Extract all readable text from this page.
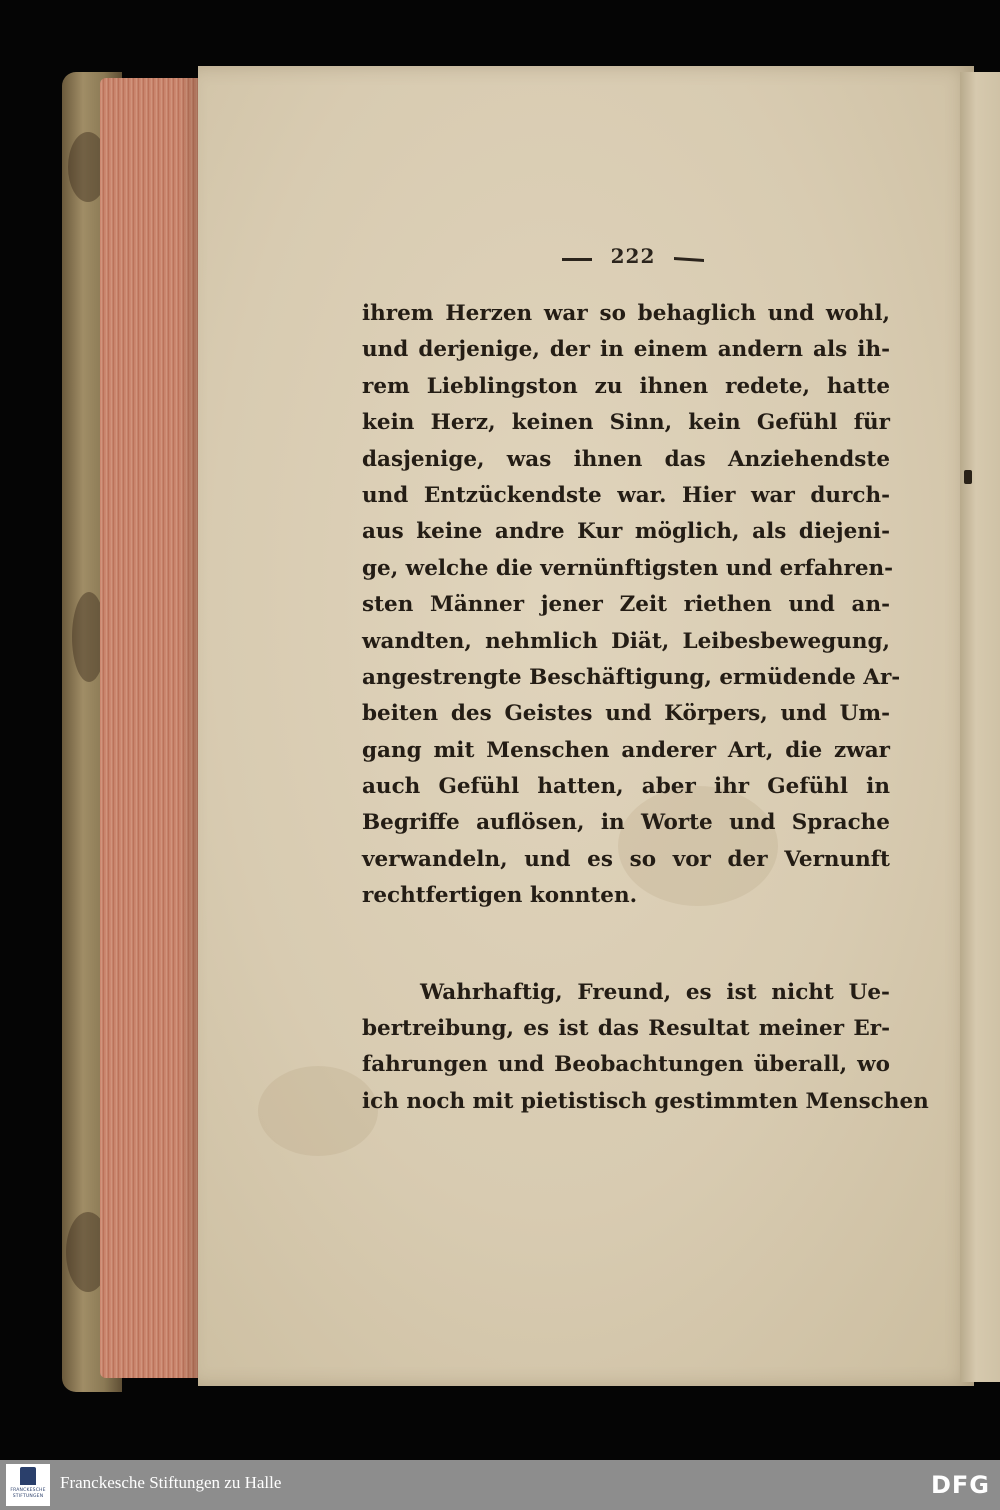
222
ihrem Herzen war so behaglich und wohl,
und derjenige, der in einem andern als ih-
rem Lieblingston zu ihnen redete, hatte
kein Herz, keinen Sinn, kein Gefühl für
dasjenige, was ihnen das Anziehendste
und Entzückendste war. Hier war durch-
aus keine andre Kur möglich, als diejeni-
ge, welche die vernünftigsten und erfahren-
sten Männer jener Zeit riethen und an-
wandten, nehmlich Diät, Leibesbewegung,
angestrengte Beschäftigung, ermüdende Ar-
beiten des Geistes und Körpers, und Um-
gang mit Menschen anderer Art, die zwar
auch Gefühl hatten, aber ihr Gefühl in
Begriffe auflösen, in Worte und Sprache
verwandeln, und es so vor der Vernunft
rechtfertigen konnten.
Wahrhaftig, Freund, es ist nicht Ue-
bertreibung, es ist das Resultat meiner Er-
fahrungen und Beobachtungen überall, wo
ich noch mit pietistisch gestimmten Menschen
FRANCKESCHE STIFTUNGEN
Franckesche Stiftungen zu Halle	DFG
